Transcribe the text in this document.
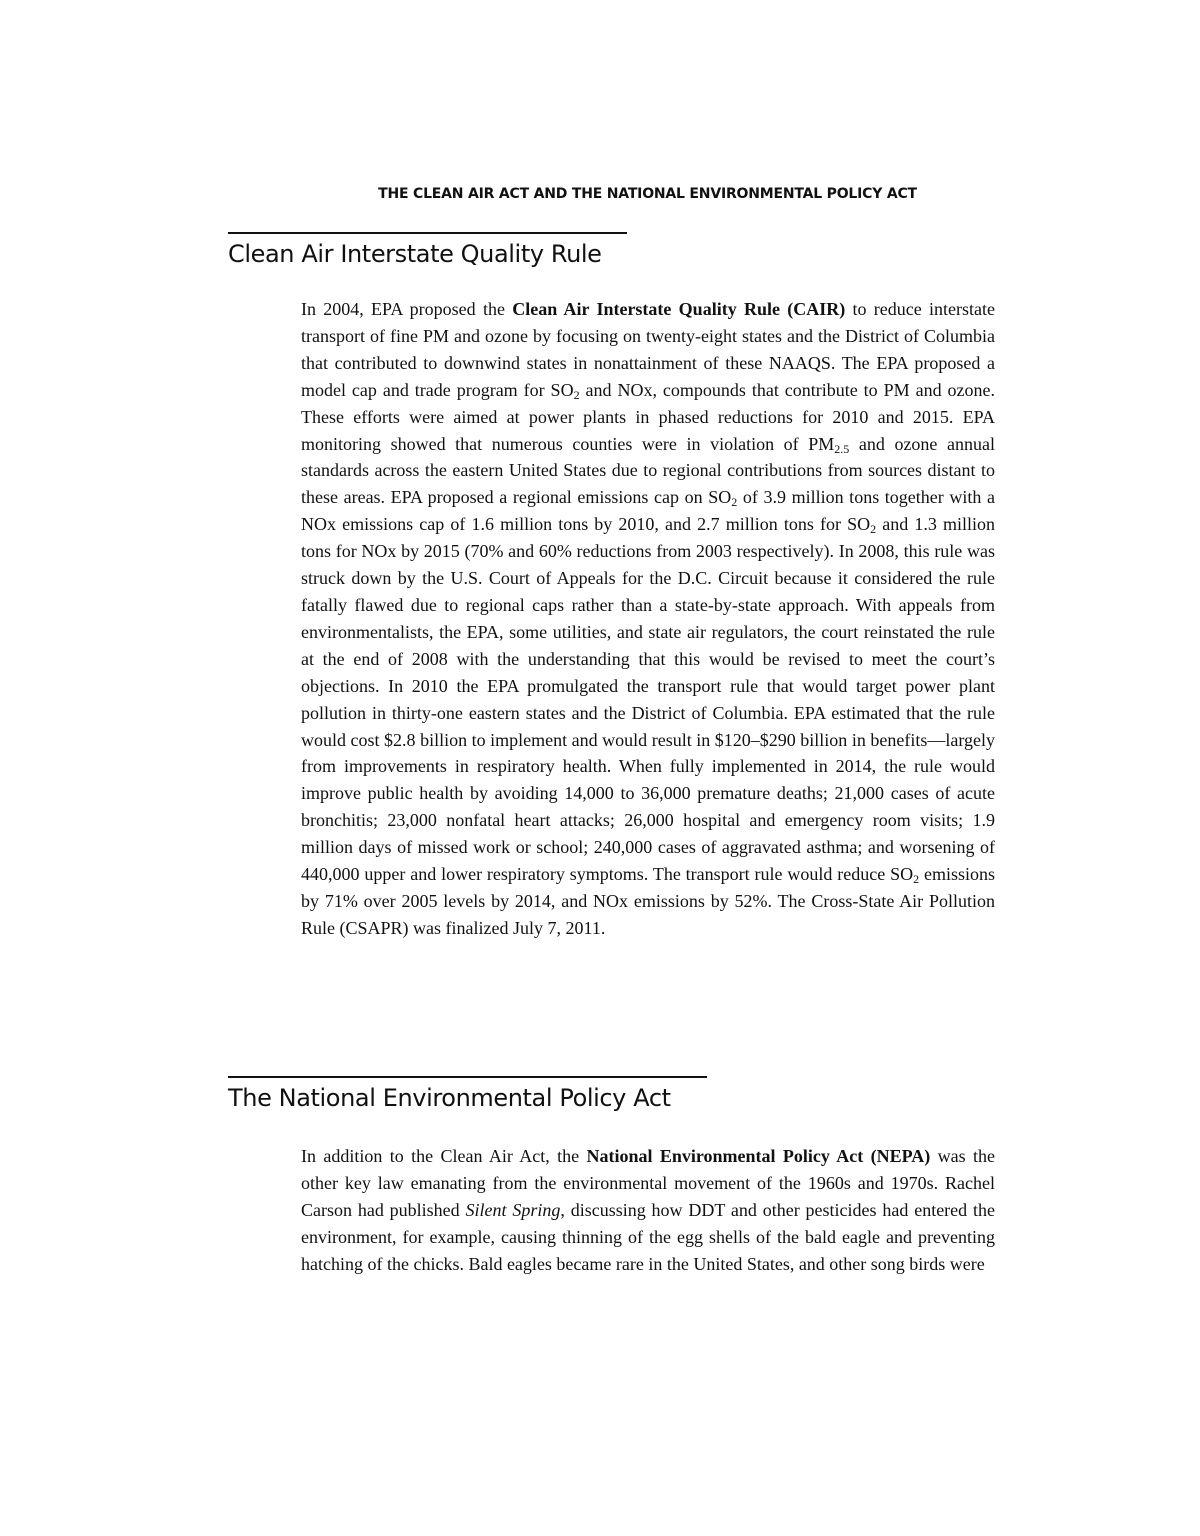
THE CLEAN AIR ACT AND THE NATIONAL ENVIRONMENTAL POLICY ACT
Clean Air Interstate Quality Rule

In 2004, EPA proposed the Clean Air Interstate Quality Rule (CAIR) to reduce interstate transport of fine PM and ozone by focusing on twenty-eight states and the District of Columbia that contributed to downwind states in nonattainment of these NAAQS. The EPA proposed a model cap and trade program for $SO_2$ and NOx, compounds that contribute to PM and ozone. These efforts were aimed at power plants in phased reductions for 2010 and 2015. EPA monitoring showed that numerous counties were in violation of $PM_{2.5}$ and ozone annual standards across the eastern United States due to regional contributions from sources distant to these areas. EPA proposed a regional emissions cap on $SO_2$ of 3.9 million tons together with a NOx emissions cap of 1.6 million tons by 2010, and 2.7 million tons for $SO_2$ and 1.3 million tons for NOx by 2015 (70% and 60% reductions from 2003 respectively). In 2008, this rule was struck down by the U.S. Court of Appeals for the D.C. Circuit because it considered the rule fatally flawed due to regional caps rather than a state-by-state approach. With appeals from environmentalists, the EPA, some utilities, and state air regulators, the court reinstated the rule at the end of 2008 with the understanding that this would be revised to meet the court’s objections. In 2010 the EPA promulgated the transport rule that would target power plant pollution in thirty-one eastern states and the District of Columbia. EPA estimated that the rule would cost $2.8 billion to implement and would result in $120–$290 billion in benefits—largely from improvements in respiratory health. When fully implemented in 2014, the rule would improve public health by avoiding 14,000 to 36,000 premature deaths; 21,000 cases of acute bronchitis; 23,000 nonfatal heart attacks; 26,000 hospital and emergency room visits; 1.9 million days of missed work or school; 240,000 cases of aggravated asthma; and worsening of 440,000 upper and lower respiratory symptoms. The transport rule would reduce $SO_2$ emissions by 71% over 2005 levels by 2014, and NOx emissions by 52%. The Cross-State Air Pollution Rule (CSAPR) was finalized July 7, 2011.

The National Environmental Policy Act

In addition to the Clean Air Act, the National Environmental Policy Act (NEPA) was the other key law emanating from the environmental movement of the 1960s and 1970s. Rachel Carson had published Silent Spring, discussing how DDT and other pesticides had entered the environment, for example, causing thinning of the egg shells of the bald eagle and preventing hatching of the chicks. Bald eagles became rare in the United States, and other song birds were
